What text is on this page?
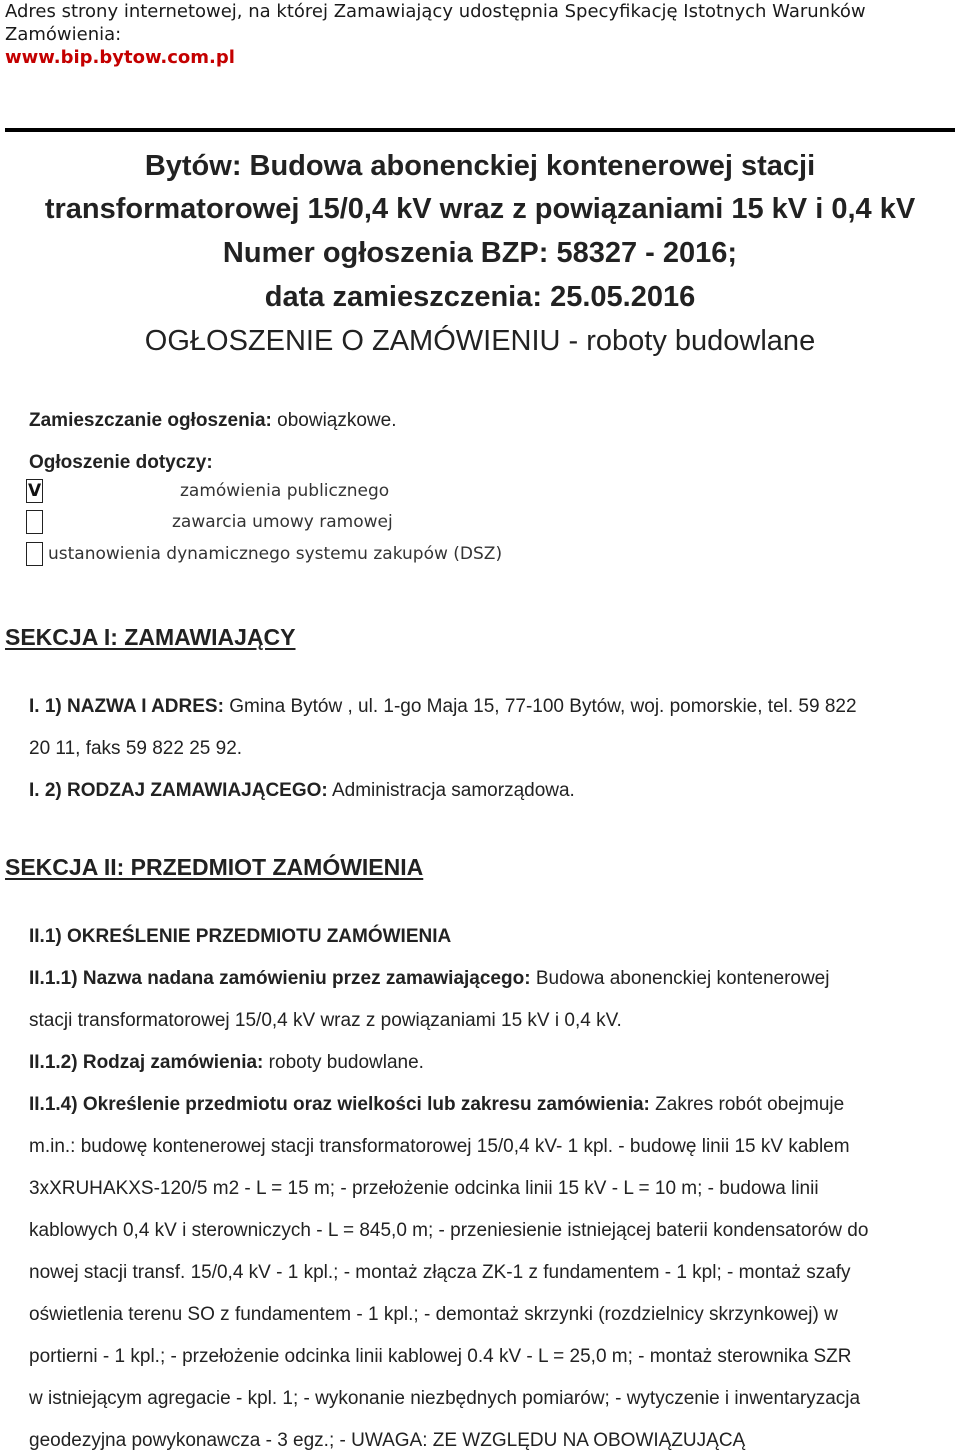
Adres strony internetowej, na której Zamawiający udostępnia Specyfikację Istotnych Warunków
Zamówienia:
www.bip.bytow.com.pl
Bytów: Budowa abonenckiej kontenerowej stacji
transformatorowej 15/0,4 kV wraz z powiązaniami 15 kV i 0,4 kV
Numer ogłoszenia BZP: 58327 - 2016;
data zamieszczenia: 25.05.2016
OGŁOSZENIE O ZAMÓWIENIU - roboty budowlane
Zamieszczanie ogłoszenia: obowiązkowe.
Ogłoszenie dotyczy:
V	zamówienia publicznego
zawarcia umowy ramowej
ustanowienia dynamicznego systemu zakupów (DSZ)
SEKCJA I: ZAMAWIAJĄCY
I. 1) NAZWA I ADRES: Gmina Bytów , ul. 1-go Maja 15, 77-100 Bytów, woj. pomorskie, tel. 59 822
20 11, faks 59 822 25 92.
I. 2) RODZAJ ZAMAWIAJĄCEGO: Administracja samorządowa.
SEKCJA II: PRZEDMIOT ZAMÓWIENIA
II.1) OKREŚLENIE PRZEDMIOTU ZAMÓWIENIA
II.1.1) Nazwa nadana zamówieniu przez zamawiającego: Budowa abonenckiej kontenerowej
stacji transformatorowej 15/0,4 kV wraz z powiązaniami 15 kV i 0,4 kV.
II.1.2) Rodzaj zamówienia: roboty budowlane.
II.1.4) Określenie przedmiotu oraz wielkości lub zakresu zamówienia: Zakres robót obejmuje
m.in.: budowę kontenerowej stacji transformatorowej 15/0,4 kV- 1 kpl. - budowę linii 15 kV kablem
3xXRUHAKXS-120/5 m2 - L = 15 m; - przełożenie odcinka linii 15 kV - L = 10 m; - budowa linii
kablowych 0,4 kV i sterowniczych - L = 845,0 m; - przeniesienie istniejącej baterii kondensatorów do
nowej stacji transf. 15/0,4 kV - 1 kpl.; - montaż złącza ZK-1 z fundamentem - 1 kpl; - montaż szafy
oświetlenia terenu SO z fundamentem - 1 kpl.; - demontaż skrzynki (rozdzielnicy skrzynkowej) w
portierni - 1 kpl.; - przełożenie odcinka linii kablowej 0.4 kV - L = 25,0 m; - montaż sterownika SZR
w istniejącym agregacie - kpl. 1; - wykonanie niezbędnych pomiarów; - wytyczenie i inwentaryzacja
geodezyjna powykonawcza - 3 egz.; - UWAGA: ZE WZGLĘDU NA OBOWIĄZUJĄCĄ
